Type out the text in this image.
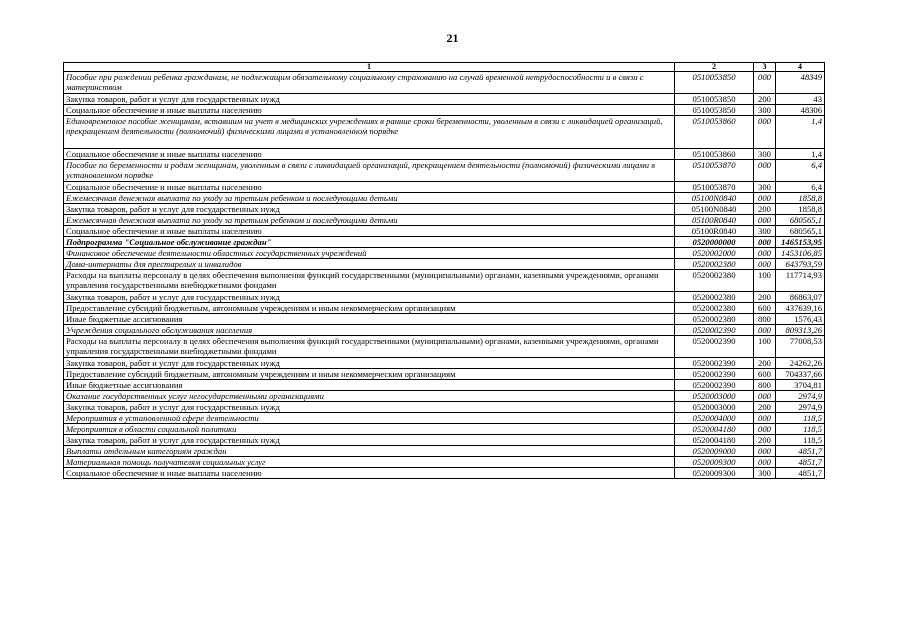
21
1	2	3	4
Пособие при рождении ребенка гражданам, не подлежащим обязательному социальному страхованию на случай временной нетрудоспособности и в связи с материнством	0510053850	000	48349
Закупка товаров, работ и услуг для государственных нужд	0510053850	200	43
Социальное обеспечение и иные выплаты населению	0510053850	300	48306
Единовременное пособие женщинам, вставшим на учет в медицинских учреждениях в ранние сроки беременности, уволенным в связи с ликвидацией организаций, прекращением деятельности (полномочий) физическими лицами в установленном порядке	0510053860	000	1,4
Социальное обеспечение и иные выплаты населению	0510053860	300	1,4
Пособие по беременности и родам женщинам, уволенным в связи с ликвидацией организаций, прекращением деятельности (полномочий) физическими лицами в установленном порядке	0510053870	000	6,4
Социальное обеспечение и иные выплаты населению	0510053870	300	6,4
Ежемесячная денежная выплата по уходу за третьим ребенком и последующими детьми	05100N0840	000	1858,8
Закупка товаров, работ и услуг для государственных нужд	05100N0840	200	1858,8
Ежемесячная денежная выплата по уходу за третьим ребенком и последующими детьми	05100R0840	000	680565,1
Социальное обеспечение и иные выплаты населению	05100R0840	300	680565,1
Подпрограмма "Социальное обслуживание граждан"	0520000000	000	1465153,95
Финансовое обеспечение деятельности областных государственных учреждений	0520002000	000	1453106,85
Дома-интернаты для престарелых и инвалидов	0520002380	000	643793,59
Расходы на выплаты персоналу в целях обеспечения выполнения функций государственными (муниципальными) органами, казенными учреждениями, органами управления государственными внебюджетными фондами	0520002380	100	117714,93
Закупка товаров, работ и услуг для государственных нужд	0520002380	200	86863,07
Предоставление субсидий бюджетным, автономным учреждениям и иным некоммерческим организациям	0520002380	600	437639,16
Иные бюджетные ассигнования	0520002380	800	1576,43
Учреждения социального обслуживания населения	0520002390	000	809313,26
Расходы на выплаты персоналу в целях обеспечения выполнения функций государственными (муниципальными) органами, казенными учреждениями, органами управления государственными внебюджетными фондами	0520002390	100	77008,53
Закупка товаров, работ и услуг для государственных нужд	0520002390	200	24262,26
Предоставление субсидий бюджетным, автономным учреждениям и иным некоммерческим организациям	0520002390	600	704337,66
Иные бюджетные ассигнования	0520002390	800	3704,81
Оказание государственных услуг негосударственными организациями	0520003000	000	2974,9
Закупка товаров, работ и услуг для государственных нужд	0520003000	200	2974,9
Мероприятия в установленной сфере деятельности	0520004000	000	118,5
Мероприятия в области социальной политики	0520004180	000	118,5
Закупка товаров, работ и услуг для государственных нужд	0520004180	200	118,5
Выплаты отдельным категориям граждан	0520009000	000	4851,7
Материальная помощь получателям социальных услуг	0520009300	000	4851,7
Социальное обеспечение и иные выплаты населению	0520009300	300	4851,7
